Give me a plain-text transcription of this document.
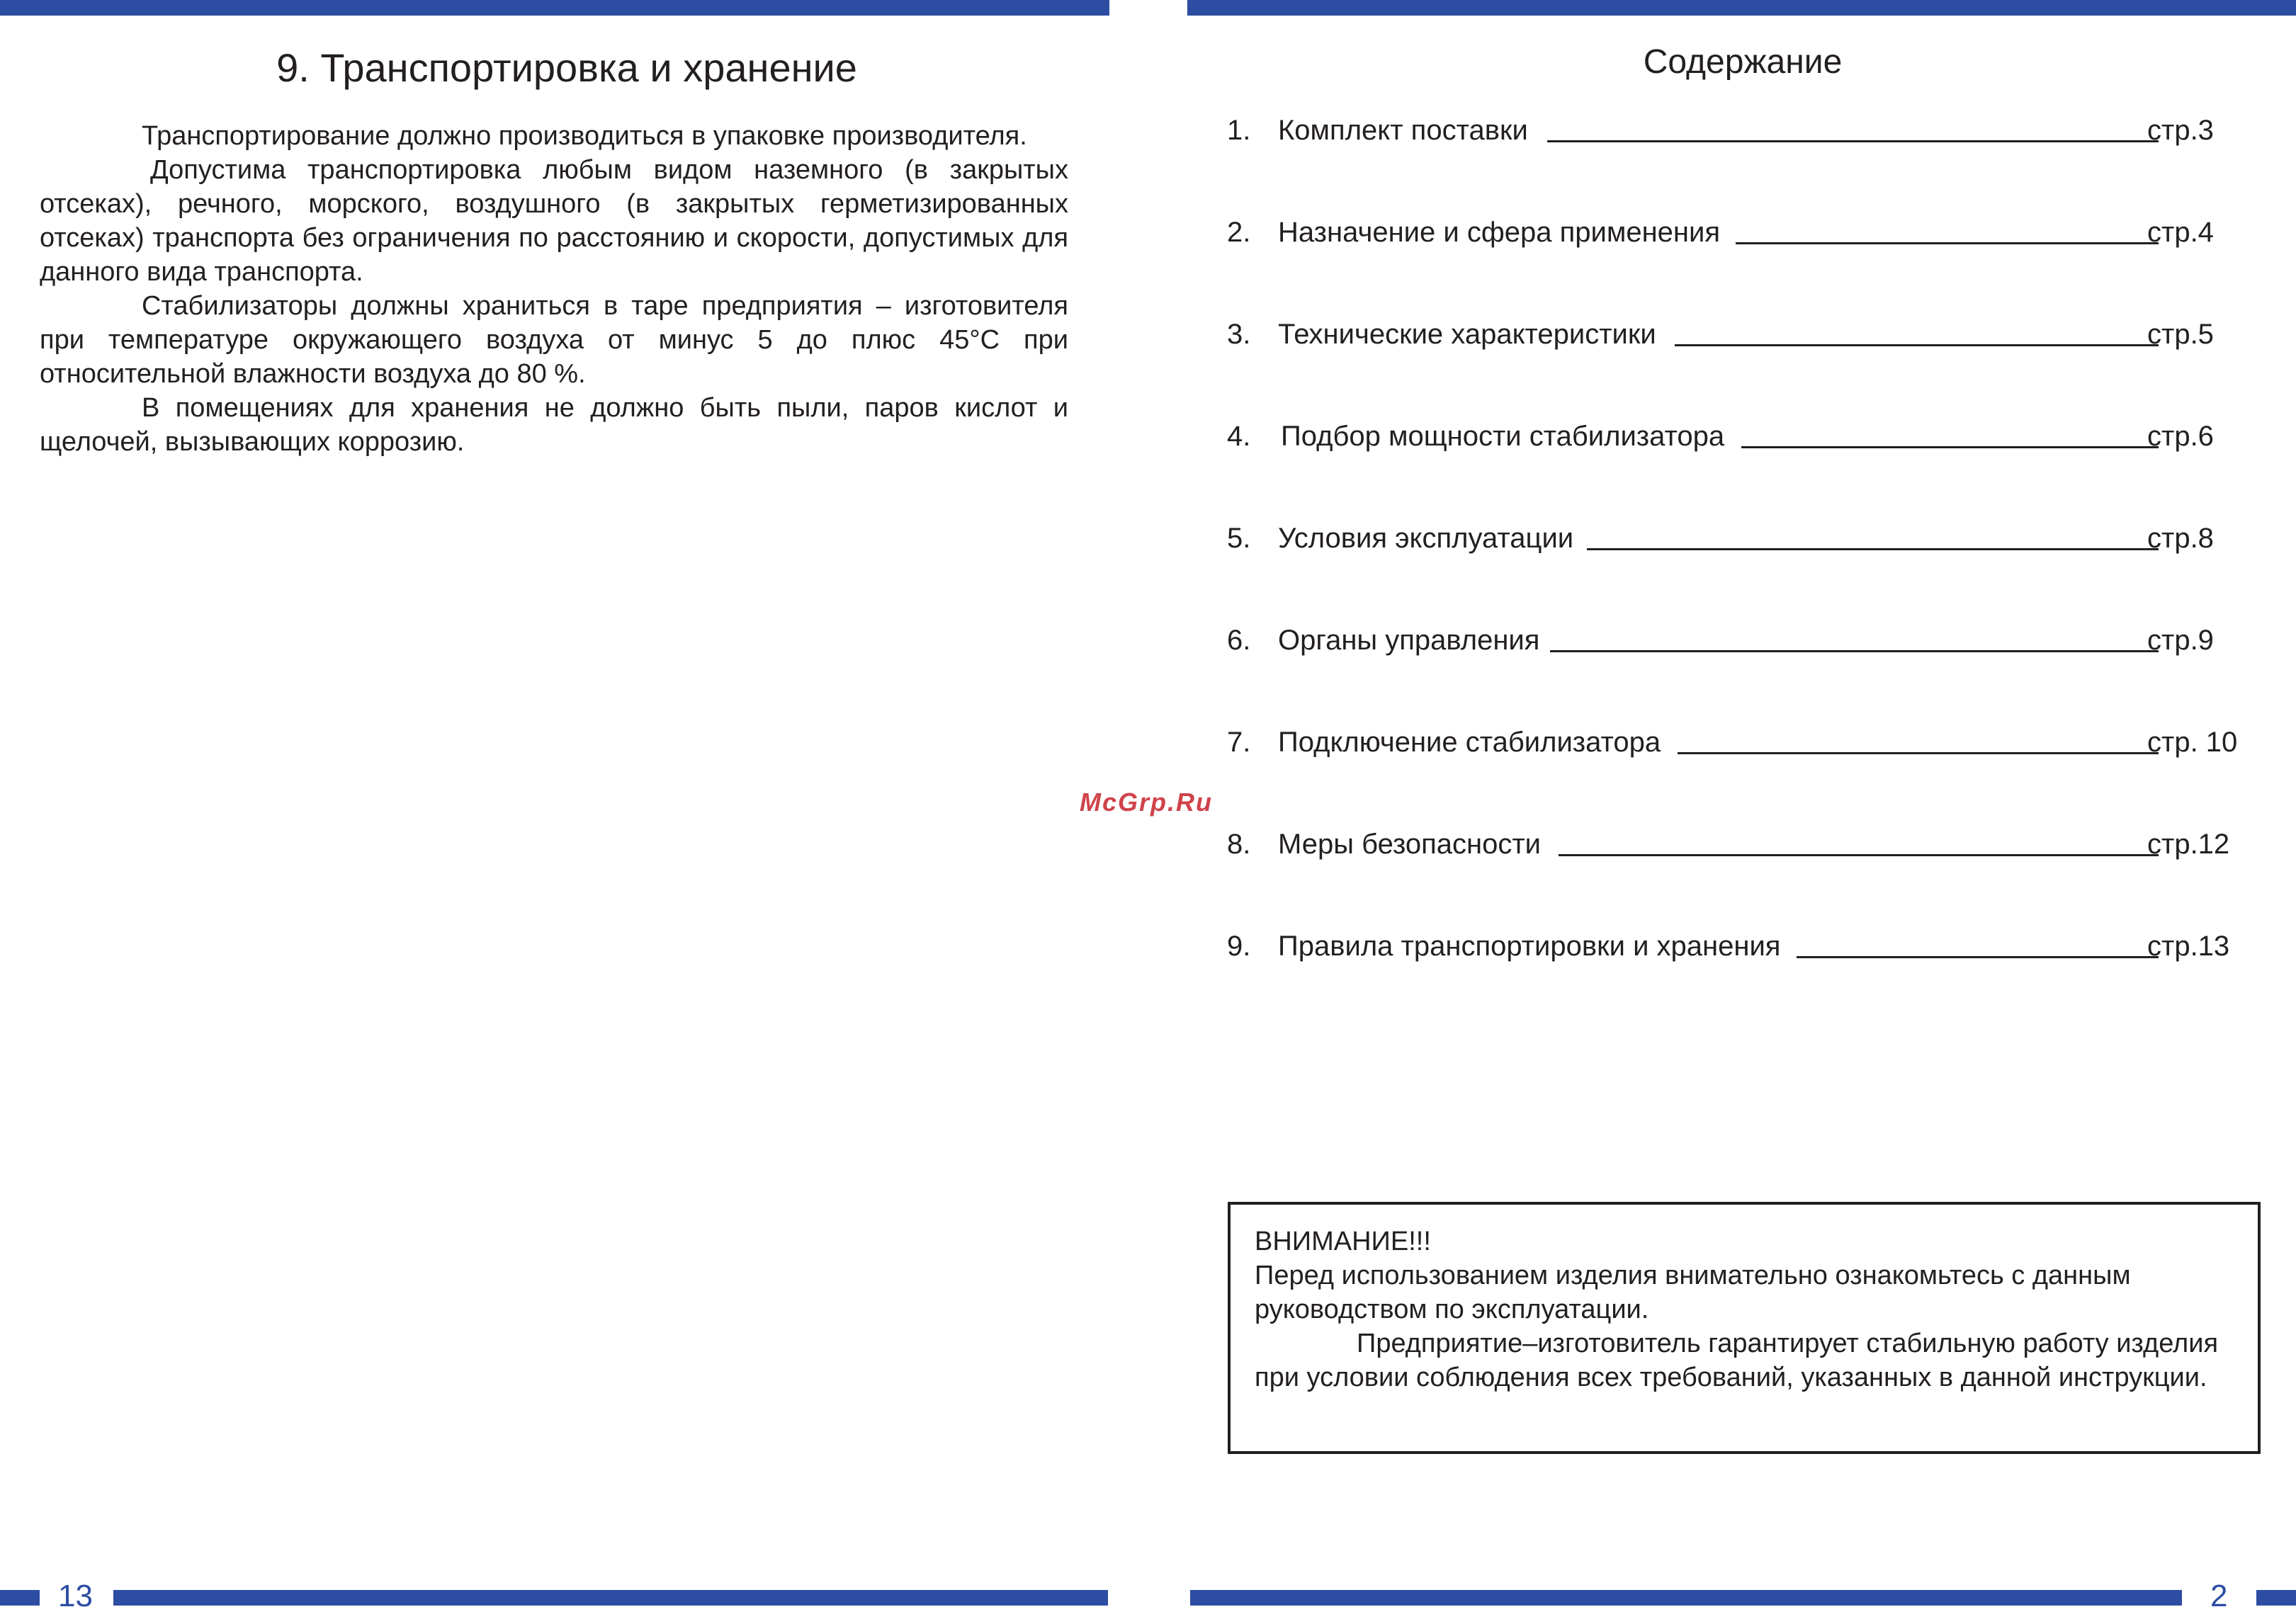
9. Транспортировка и хранение

Транспортирование должно производиться в упаковке производителя.

Допустима транспортировка любым видом наземного (в закрытых отсеках), речного, морского, воздушного (в закрытых герметизированных отсеках) транспорта без ограничения по расстоянию и скорости, допустимых для данного вида транспорта.

Стабилизаторы должны храниться в таре предприятия – изготовителя при температуре окружающего воздуха от минус 5 до плюс 45°С при относительной влажности воздуха до 80 %.

В помещениях для хранения не должно быть пыли, паров кислот и щелочей, вызывающих коррозию.

13
McGrp.Ru
Содержание
1. Комплект поставки	стр.3
2. Назначение и сфера применения	стр.4
3. Технические характеристики	стр.5
4.	Подбор мощности стабилизатора	стр.6
5. Условия эксплуатации	стр.8
6. Органы управления	стр.9
7. Подключение стабилизатора	стр. 10
8. Меры безопасности	стр.12
9. Правила транспортировки и хранения	стр.13

ВНИМАНИЕ!!!

Перед использованием изделия внимательно ознакомьтесь с данным руководством по эксплуатации.

Предприятие–изготовитель гарантирует стабильную работу изделия при условии соблюдения всех требований, указанных в данной инструкции.

2
